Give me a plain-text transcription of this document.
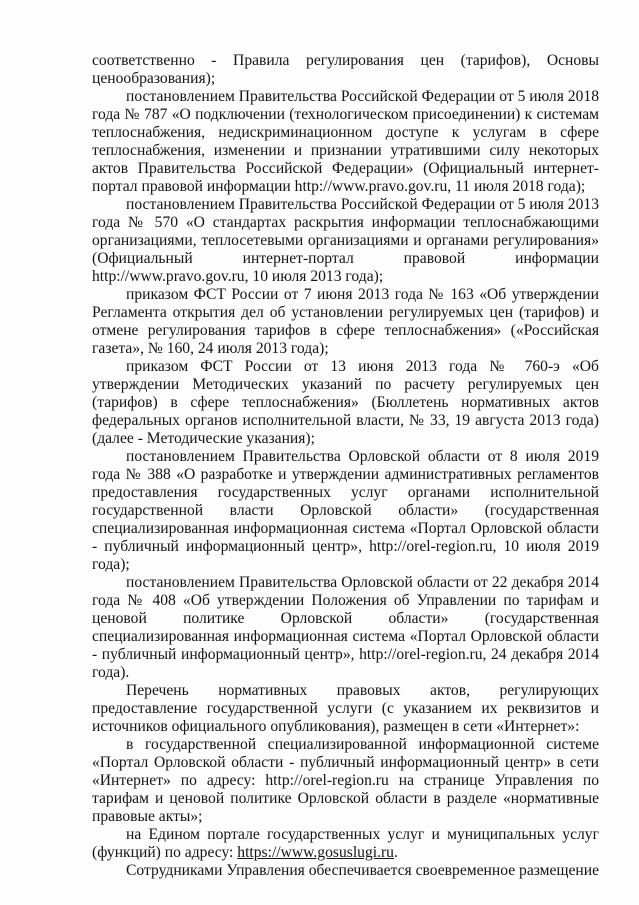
соответственно - Правила регулирования цен (тарифов), Основы ценообразования);

постановлением Правительства Российской Федерации от 5 июля 2018 года № 787 «О подключении (технологическом присоединении) к системам теплоснабжения, недискриминационном доступе к услугам в сфере теплоснабжения, изменении и признании утратившими силу некоторых актов Правительства Российской Федерации» (Официальный интернет-портал правовой информации http://www.pravo.gov.ru, 11 июля 2018 года);

постановлением Правительства Российской Федерации от 5 июля 2013 года № 570 «О стандартах раскрытия информации теплоснабжающими организациями, теплосетевыми организациями и органами регулирования» (Официальный интернет-портал правовой информации http://www.pravo.gov.ru, 10 июля 2013 года);

приказом ФСТ России от 7 июня 2013 года № 163 «Об утверждении Регламента открытия дел об установлении регулируемых цен (тарифов) и отмене регулирования тарифов в сфере теплоснабжения» («Российская газета», № 160, 24 июля 2013 года);

приказом ФСТ России от 13 июня 2013 года № 760-э «Об утверждении Методических указаний по расчету регулируемых цен (тарифов) в сфере теплоснабжения» (Бюллетень нормативных актов федеральных органов исполнительной власти, № 33, 19 августа 2013 года) (далее - Методические указания);

постановлением Правительства Орловской области от 8 июля 2019 года № 388 «О разработке и утверждении административных регламентов предоставления государственных услуг органами исполнительной государственной власти Орловской области» (государственная специализированная информационная система «Портал Орловской области - публичный информационный центр», http://orel-region.ru, 10 июля 2019 года);

постановлением Правительства Орловской области от 22 декабря 2014 года № 408 «Об утверждении Положения об Управлении по тарифам и ценовой политике Орловской области» (государственная специализированная информационная система «Портал Орловской области - публичный информационный центр», http://orel-region.ru, 24 декабря 2014 года).

Перечень нормативных правовых актов, регулирующих предоставление государственной услуги (с указанием их реквизитов и источников официального опубликования), размещен в сети «Интернет»:

в государственной специализированной информационной системе «Портал Орловской области - публичный информационный центр» в сети «Интернет» по адресу: http://orel-region.ru на странице Управления по тарифам и ценовой политике Орловской области в разделе «нормативные правовые акты»;

на Едином портале государственных услуг и муниципальных услуг (функций) по адресу: https://www.gosuslugi.ru.

Сотрудниками Управления обеспечивается своевременное размещение
